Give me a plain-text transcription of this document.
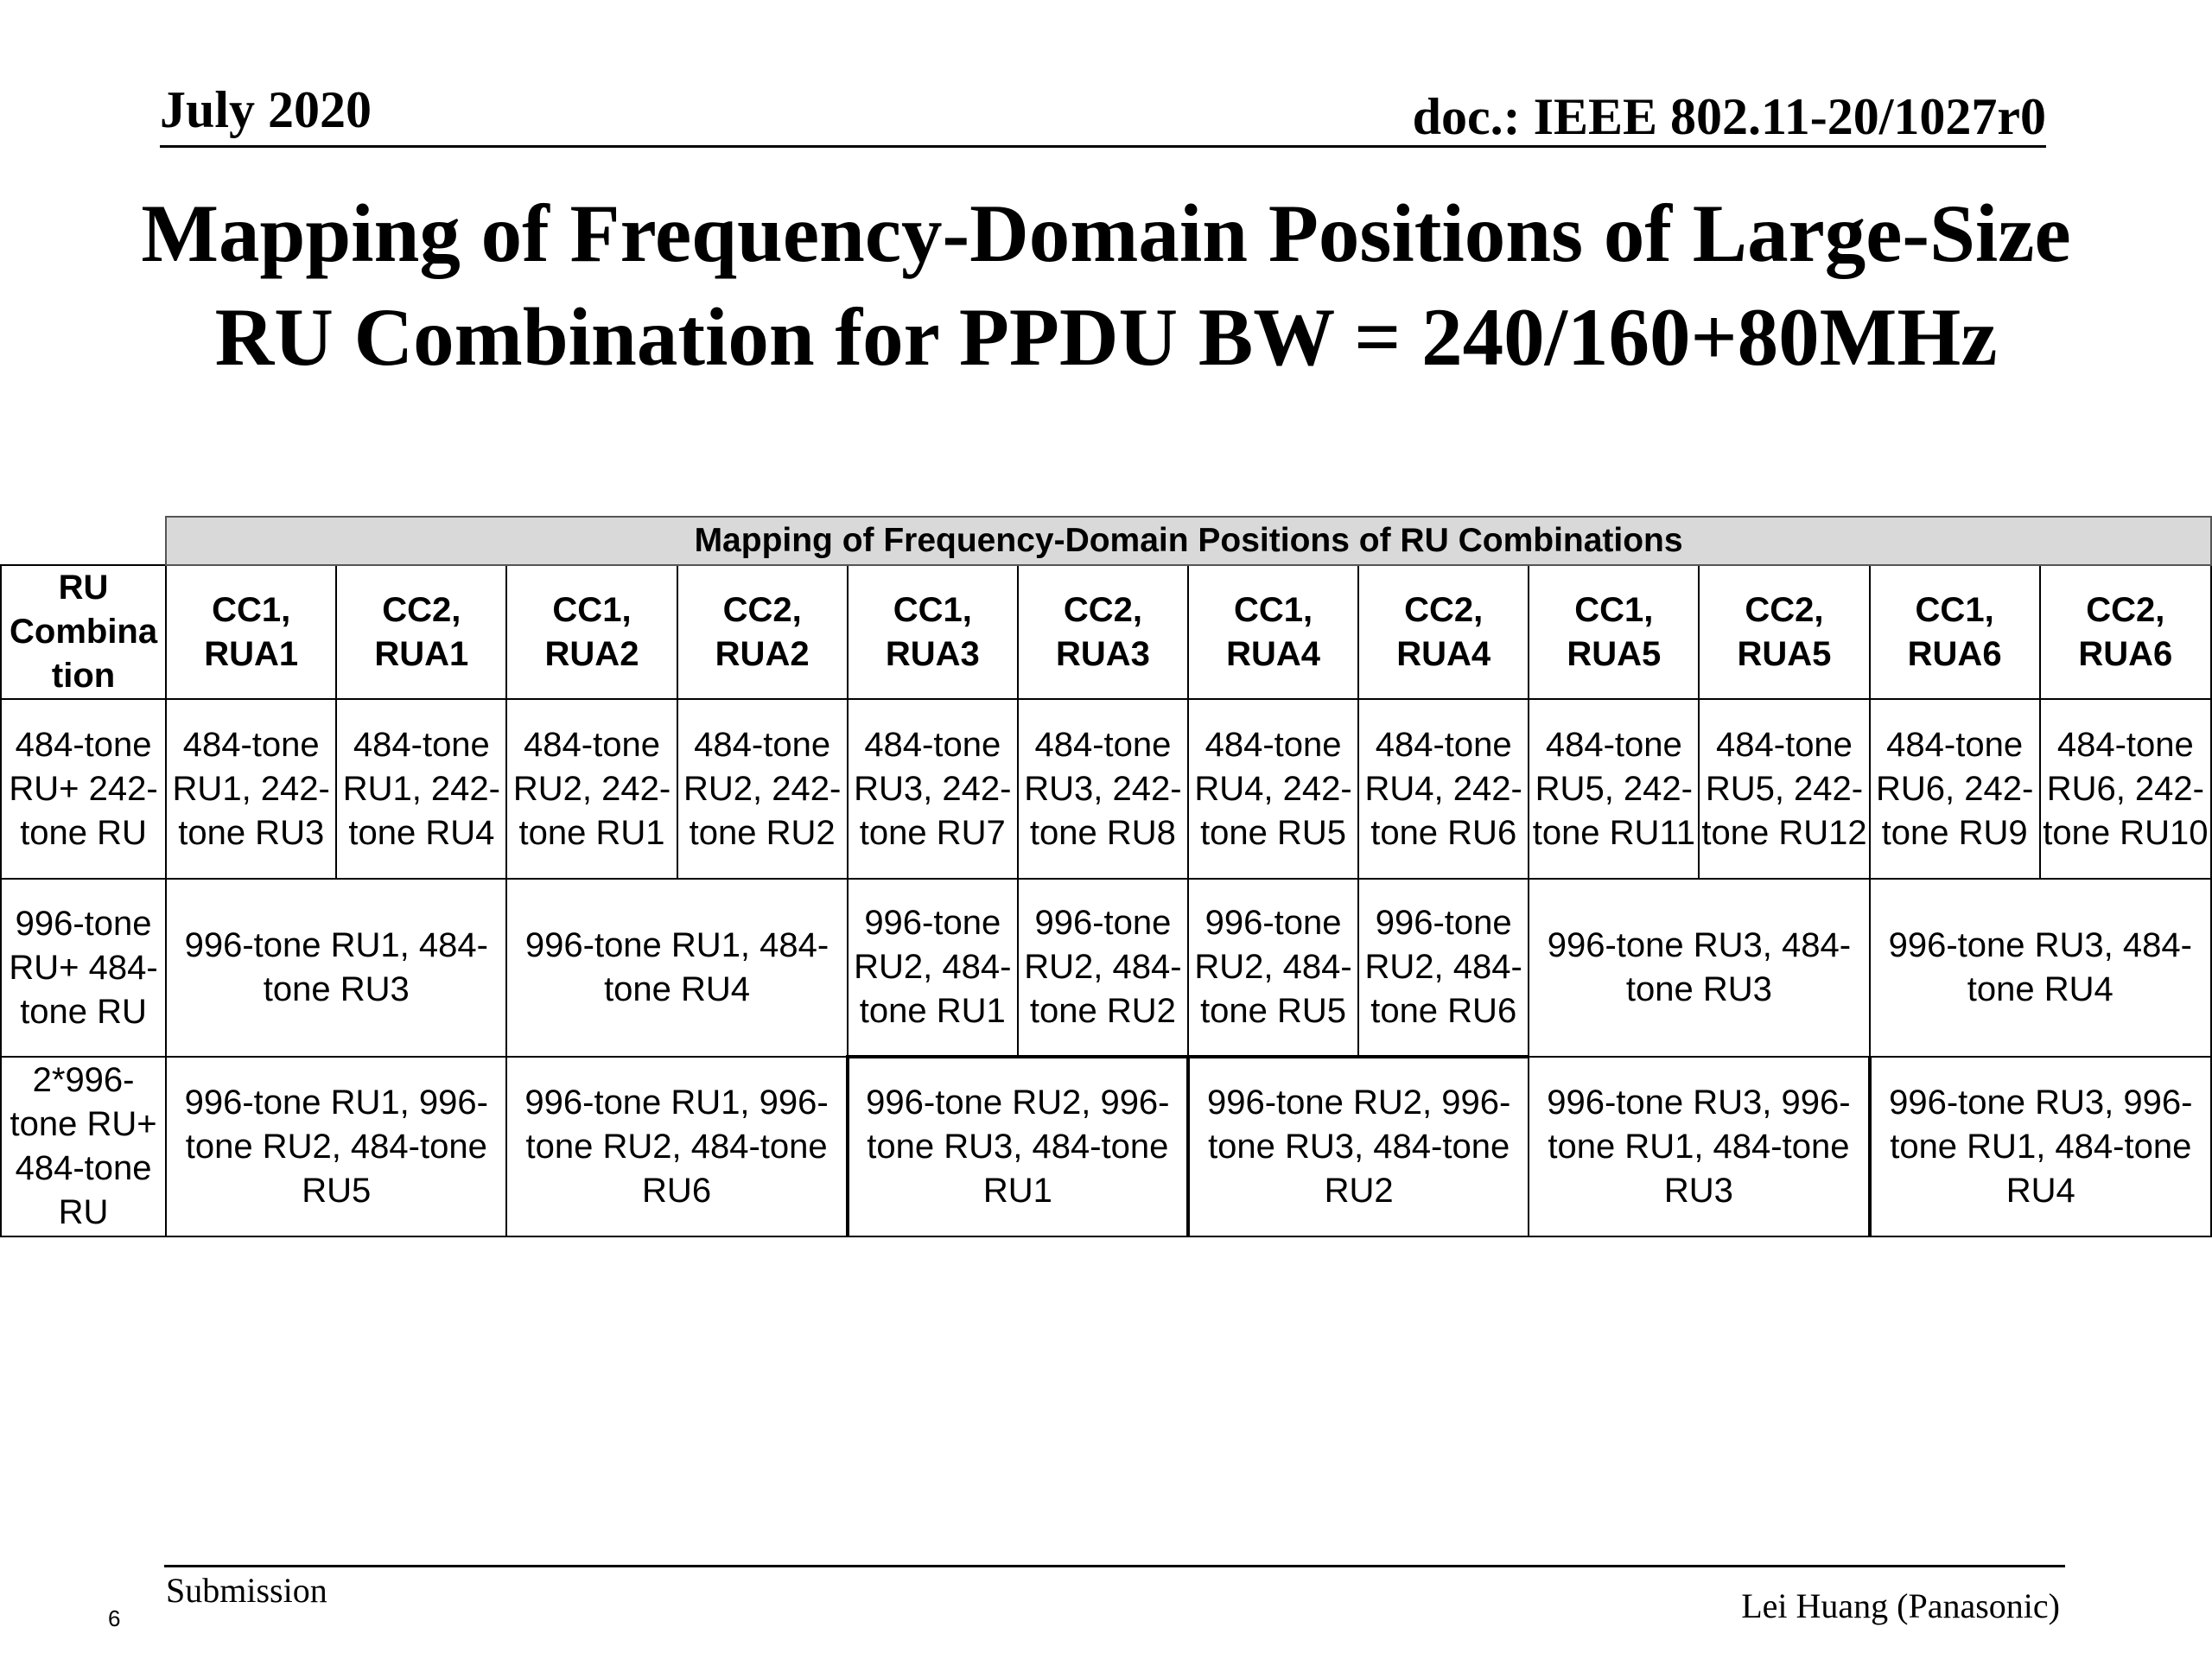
July 2020	doc.: IEEE 802.11-20/1027r0
Mapping of Frequency-Domain Positions of Large-Size
RU Combination for PPDU BW = 240/160+80MHz
	Mapping of Frequency-Domain Positions of RU Combinations											
RU Combina tion	CC1, RUA1	CC2, RUA1	CC1, RUA2	CC2, RUA2	CC1, RUA3	CC2, RUA3	CC1, RUA4	CC2, RUA4	CC1, RUA5	CC2, RUA5	CC1, RUA6	CC2, RUA6
484-tone RU+ 242-tone RU	484-tone RU1, 242-tone RU3	484-tone RU1, 242-tone RU4	484-tone RU2, 242-tone RU1	484-tone RU2, 242-tone RU2	484-tone RU3, 242-tone RU7	484-tone RU3, 242-tone RU8	484-tone RU4, 242-tone RU5	484-tone RU4, 242-tone RU6	484-tone RU5, 242-tone RU11	484-tone RU5, 242-tone RU12	484-tone RU6, 242-tone RU9	484-tone RU6, 242-tone RU10
996-tone RU+ 484-tone RU	996-tone RU1, 484-tone RU3		996-tone RU1, 484-tone RU4		996-tone RU2, 484-tone RU1	996-tone RU2, 484-tone RU2	996-tone RU2, 484-tone RU5	996-tone RU2, 484-tone RU6	996-tone RU3, 484-tone RU3		996-tone RU3, 484-tone RU4	
2*996-tone RU+ 484-tone RU	996-tone RU1, 996-tone RU2, 484-tone RU5		996-tone RU1, 996-tone RU2, 484-tone RU6		996-tone RU2, 996-tone RU3, 484-tone RU1		996-tone RU2, 996-tone RU3, 484-tone RU2		996-tone RU3, 996-tone RU1, 484-tone RU3		996-tone RU3, 996-tone RU1, 484-tone RU4	
Submission	Lei Huang (Panasonic)
6
